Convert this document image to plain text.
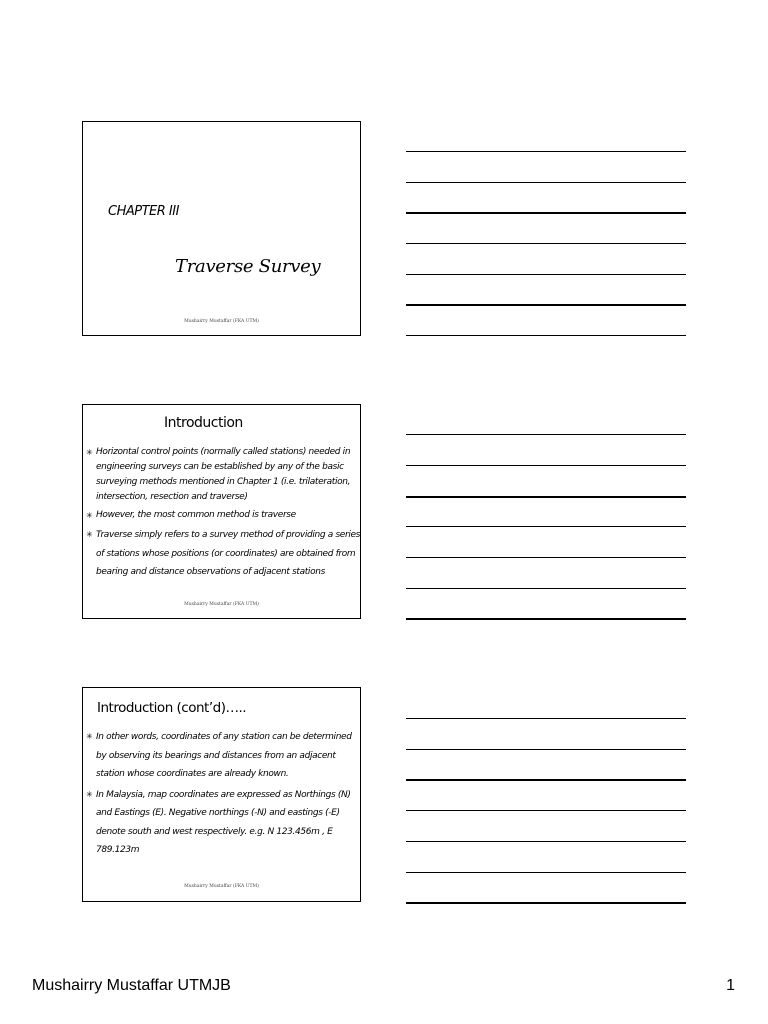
CHAPTER III
Traverse Survey
Mushairry Mustaffar (FKA UTM)
Introduction
✳ Horizontal control points (normally called stations) needed in engineering surveys can be established by any of the basic surveying methods mentioned in Chapter 1 (i.e. trilateration, intersection, resection and traverse)
✳ However, the most common method is traverse
✳ Traverse simply refers to a survey method of providing a series of stations whose positions (or coordinates) are obtained from bearing and distance observations of adjacent stations
Mushairry Mustaffar (FKA UTM)
Introduction (cont’d)…..
✳ In other words, coordinates of any station can be determined by observing its bearings and distances from an adjacent station whose coordinates are already known.
✳ In Malaysia, map coordinates are expressed as Northings (N) and Eastings (E). Negative northings (-N) and eastings (-E) denote south and west respectively. e.g. N 123.456m , E 789.123m
Mushairry Mustaffar (FKA UTM)
Mushairry Mustaffar UTMJB	1
